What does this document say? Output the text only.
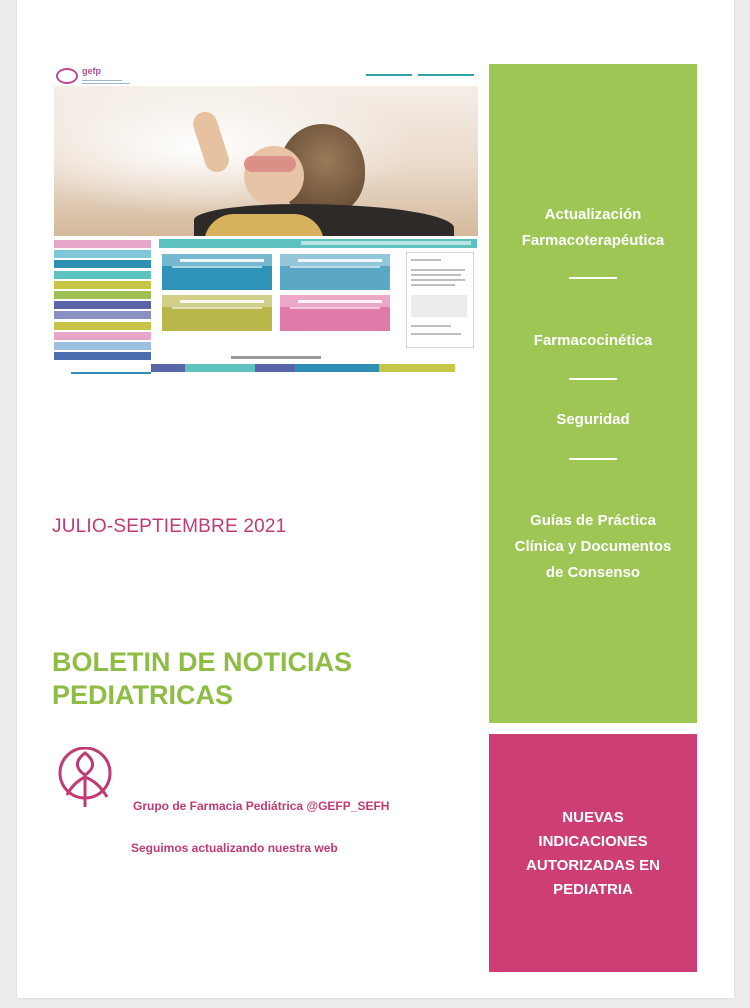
gefp
JULIO-SEPTIEMBRE 2021
BOLETIN DE NOTICIAS PEDIATRICAS
Grupo de Farmacia Pediátrica @GEFP_SEFH
Seguimos actualizando nuestra web
Actualización Farmacoterapéutica
Farmacocinética
Seguridad
Guías de Práctica Clínica y Documentos de Consenso
NUEVAS INDICACIONES AUTORIZADAS EN PEDIATRIA
